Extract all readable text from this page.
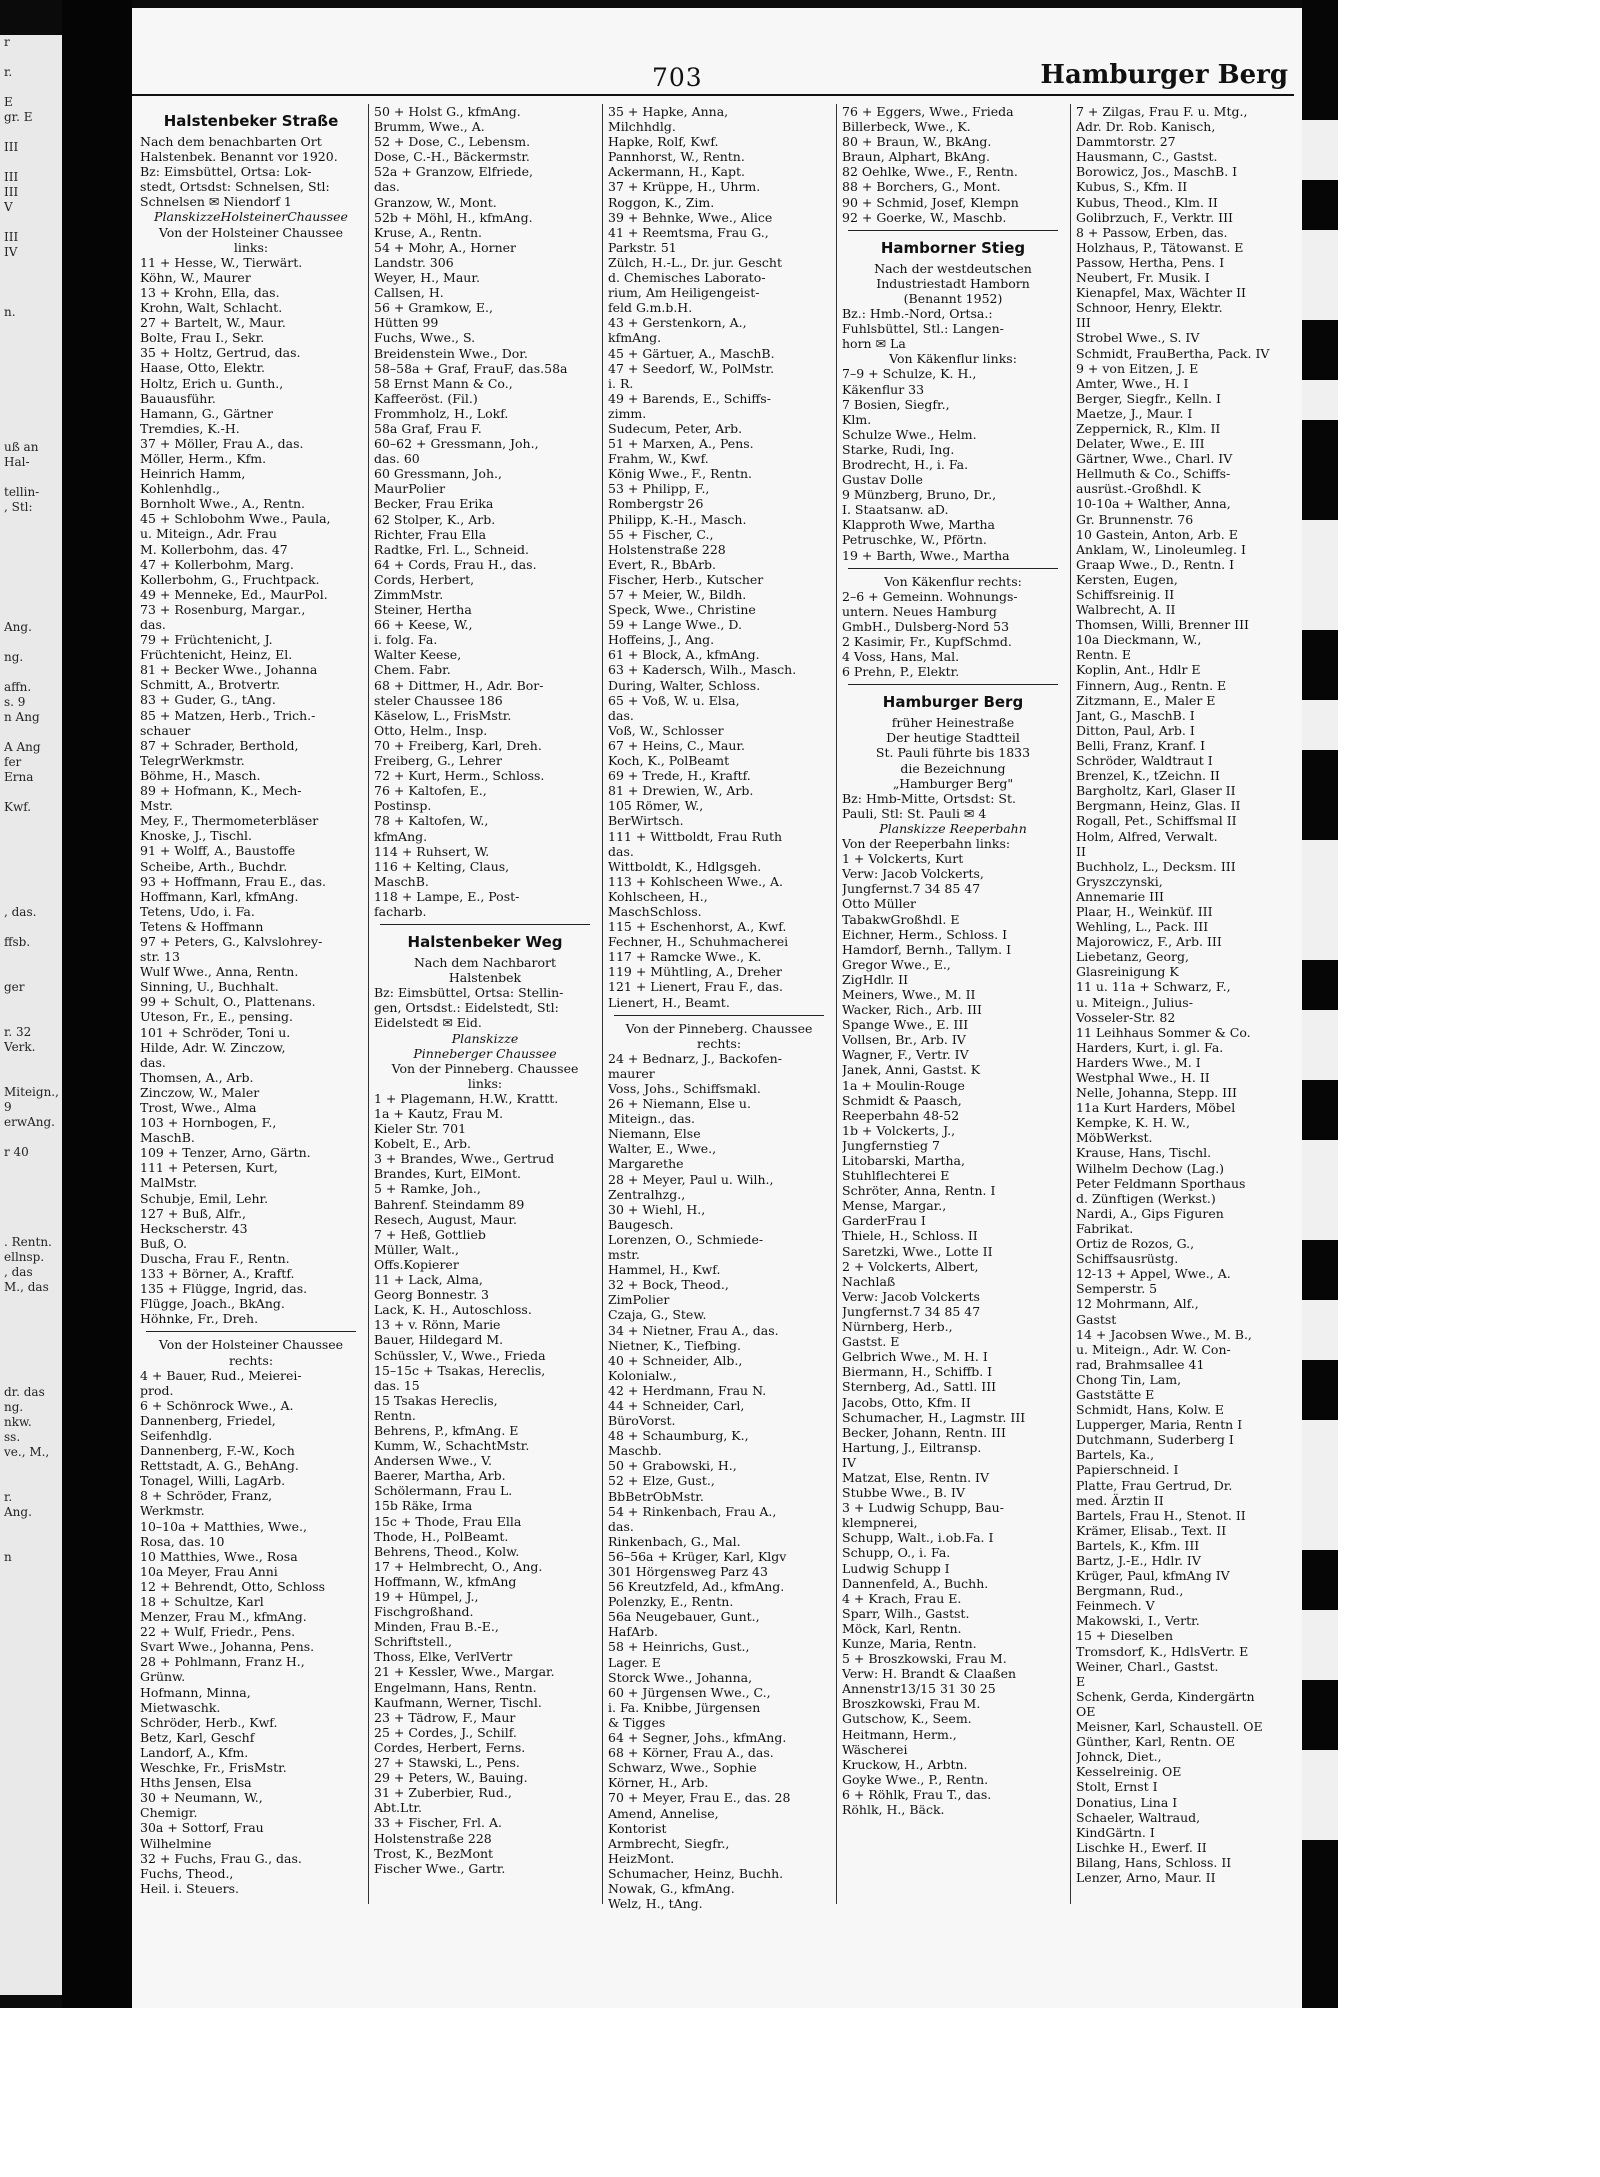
r

r.

E

gr. E

III

III

III

V

III

IV

n.

uß an

Hal-

tellin-

, Stl:

Ang.

ng.

affn.

s. 9

n Ang

A Ang

fer

Erna

Kwf.

, das.

ffsb.

ger

r. 32

Verk.

Miteign.,

9

erwAng.

r 40

. Rentn.

ellnsp.

, das

M., das

dr. das

ng.

nkw.

ss.

ve., M.,

r.

Ang.

n

703	Hamburger Berg
Halstenbeker Straße

Nach dem benachbarten Ort

Halstenbek. Benannt vor 1920.

Bz: Eimsbüttel, Ortsa: Lok-

stedt, Ortsdst: Schnelsen, Stl:

Schnelsen ✉ Niendorf 1

PlanskizzeHolsteinerChaussee

Von der Holsteiner Chaussee

links:

11 + Hesse, W., Tierwärt.

Köhn, W., Maurer

13 + Krohn, Ella, das.

Krohn, Walt, Schlacht.

27 + Bartelt, W., Maur.

Bolte, Frau I., Sekr.

35 + Holtz, Gertrud, das.

Haase, Otto, Elektr.

Holtz, Erich u. Gunth.,

Bauausführ.

Hamann, G., Gärtner

Tremdies, K.-H.

37 + Möller, Frau A., das.

Möller, Herm., Kfm.

Heinrich Hamm,

Kohlenhdlg.,

Bornholt Wwe., A., Rentn.

45 + Schlobohm Wwe., Paula,

u. Miteign., Adr. Frau

M. Kollerbohm, das. 47

47 + Kollerbohm, Marg.

Kollerbohm, G., Fruchtpack.

49 + Menneke, Ed., MaurPol.

73 + Rosenburg, Margar.,

das.

79 + Früchtenicht, J.

Früchtenicht, Heinz, El.

81 + Becker Wwe., Johanna

Schmitt, A., Brotvertr.

83 + Guder, G., tAng.

85 + Matzen, Herb., Trich.-

schauer

87 + Schrader, Berthold,

TelegrWerkmstr.

Böhme, H., Masch.

89 + Hofmann, K., Mech-

Mstr.

Mey, F., Thermometerbläser

Knoske, J., Tischl.

91 + Wolff, A., Baustoffe

Scheibe, Arth., Buchdr.

93 + Hoffmann, Frau E., das.

Hoffmann, Karl, kfmAng.

Tetens, Udo, i. Fa.

Tetens & Hoffmann

97 + Peters, G., Kalvslohrey-

str. 13

Wulf Wwe., Anna, Rentn.

Sinning, U., Buchhalt.

99 + Schult, O., Plattenans.

Uteson, Fr., E., pensing.

101 + Schröder, Toni u.

Hilde, Adr. W. Zinczow,

das.

Thomsen, A., Arb.

Zinczow, W., Maler

Trost, Wwe., Alma

103 + Hornbogen, F.,

MaschB.

109 + Tenzer, Arno, Gärtn.

111 + Petersen, Kurt,

MalMstr.

Schubje, Emil, Lehr.

127 + Buß, Alfr.,

Heckscherstr. 43

Buß, O.

Duscha, Frau F., Rentn.

133 + Börner, A., Kraftf.

135 + Flügge, Ingrid, das.

Flügge, Joach., BkAng.

Höhnke, Fr., Dreh.

Von der Holsteiner Chaussee

rechts:

4 + Bauer, Rud., Meierei-

prod.

6 + Schönrock Wwe., A.

Dannenberg, Friedel,

Seifenhdlg.

Dannenberg, F.-W., Koch

Rettstadt, A. G., BehAng.

Tonagel, Willi, LagArb.

8 + Schröder, Franz,

Werkmstr.

10–10a + Matthies, Wwe.,

Rosa, das. 10

10 Matthies, Wwe., Rosa

10a Meyer, Frau Anni

12 + Behrendt, Otto, Schloss

18 + Schultze, Karl

Menzer, Frau M., kfmAng.

22 + Wulf, Friedr., Pens.

Svart Wwe., Johanna, Pens.

28 + Pohlmann, Franz H.,

Grünw.

Hofmann, Minna,

Mietwaschk.

Schröder, Herb., Kwf.

Betz, Karl, Geschf

Landorf, A., Kfm.

Weschke, Fr., FrisMstr.

Hths Jensen, Elsa

30 + Neumann, W.,

Chemigr.

30a + Sottorf, Frau

Wilhelmine

32 + Fuchs, Frau G., das.

Fuchs, Theod.,

Heil. i. Steuers.

50 + Holst G., kfmAng.

Brumm, Wwe., A.

52 + Dose, C., Lebensm.

Dose, C.-H., Bäckermstr.

52a + Granzow, Elfriede,

das.

Granzow, W., Mont.

52b + Möhl, H., kfmAng.

Kruse, A., Rentn.

54 + Mohr, A., Horner

Landstr. 306

Weyer, H., Maur.

Callsen, H.

56 + Gramkow, E.,

Hütten 99

Fuchs, Wwe., S.

Breidenstein Wwe., Dor.

58–58a + Graf, FrauF, das.58a

58 Ernst Mann & Co.,

Kaffeeröst. (Fil.)

Frommholz, H., Lokf.

58a Graf, Frau F.

60–62 + Gressmann, Joh.,

das. 60

60 Gressmann, Joh.,

MaurPolier

Becker, Frau Erika

62 Stolper, K., Arb.

Richter, Frau Ella

Radtke, Frl. L., Schneid.

64 + Cords, Frau H., das.

Cords, Herbert,

ZimmMstr.

Steiner, Hertha

66 + Keese, W.,

i. folg. Fa.

Walter Keese,

Chem. Fabr.

68 + Dittmer, H., Adr. Bor-

steler Chaussee 186

Käselow, L., FrisMstr.

Otto, Helm., Insp.

70 + Freiberg, Karl, Dreh.

Freiberg, G., Lehrer

72 + Kurt, Herm., Schloss.

76 + Kaltofen, E.,

Postinsp.

78 + Kaltofen, W.,

kfmAng.

114 + Ruhsert, W.

116 + Kelting, Claus,

MaschB.

118 + Lampe, E., Post-

facharb.

Halstenbeker Weg

Nach dem Nachbarort

Halstenbek

Bz: Eimsbüttel, Ortsa: Stellin-

gen, Ortsdst.: Eidelstedt, Stl:

Eidelstedt ✉ Eid.

Planskizze

Pinneberger Chaussee

Von der Pinneberg. Chaussee

links:

1 + Plagemann, H.W., Krattt.

1a + Kautz, Frau M.

Kieler Str. 701

Kobelt, E., Arb.

3 + Brandes, Wwe., Gertrud

Brandes, Kurt, ElMont.

5 + Ramke, Joh.,

Bahrenf. Steindamm 89

Resech, August, Maur.

7 + Heß, Gottlieb

Müller, Walt.,

Offs.Kopierer

11 + Lack, Alma,

Georg Bonnestr. 3

Lack, K. H., Autoschloss.

13 + v. Rönn, Marie

Bauer, Hildegard M.

Schüssler, V., Wwe., Frieda

15–15c + Tsakas, Hereclis,

das. 15

15 Tsakas Hereclis,

Rentn.

Behrens, P., kfmAng. E

Kumm, W., SchachtMstr.

Andersen Wwe., V.

Baerer, Martha, Arb.

Schölermann, Frau L.

15b Räke, Irma

15c + Thode, Frau Ella

Thode, H., PolBeamt.

Behrens, Theod., Kolw.

17 + Helmbrecht, O., Ang.

Hoffmann, W., kfmAng

19 + Hümpel, J.,

Fischgroßhand.

Minden, Frau B.-E.,

Schriftstell.,

Thoss, Elke, VerlVertr

21 + Kessler, Wwe., Margar.

Engelmann, Hans, Rentn.

Kaufmann, Werner, Tischl.

23 + Tädrow, F., Maur

25 + Cordes, J., Schilf.

Cordes, Herbert, Ferns.

27 + Stawski, L., Pens.

29 + Peters, W., Bauing.

31 + Zuberbier, Rud.,

Abt.Ltr.

33 + Fischer, Frl. A.

Holstenstraße 228

Trost, K., BezMont

Fischer Wwe., Gartr.

35 + Hapke, Anna,

Milchhdlg.

Hapke, Rolf, Kwf.

Pannhorst, W., Rentn.

Ackermann, H., Kapt.

37 + Krüppe, H., Uhrm.

Roggon, K., Zim.

39 + Behnke, Wwe., Alice

41 + Reemtsma, Frau G.,

Parkstr. 51

Zülch, H.-L., Dr. jur. Gescht

d. Chemisches Laborato-

rium, Am Heiligengeist-

feld G.m.b.H.

43 + Gerstenkorn, A.,

kfmAng.

45 + Gärtuer, A., MaschB.

47 + Seedorf, W., PolMstr.

i. R.

49 + Barends, E., Schiffs-

zimm.

Sudecum, Peter, Arb.

51 + Marxen, A., Pens.

Frahm, W., Kwf.

König Wwe., F., Rentn.

53 + Philipp, F.,

Rombergstr 26

Philipp, K.-H., Masch.

55 + Fischer, C.,

Holstenstraße 228

Evert, R., BbArb.

Fischer, Herb., Kutscher

57 + Meier, W., Bildh.

Speck, Wwe., Christine

59 + Lange Wwe., D.

Hoffeins, J., Ang.

61 + Block, A., kfmAng.

63 + Kadersch, Wilh., Masch.

During, Walter, Schloss.

65 + Voß, W. u. Elsa,

das.

Voß, W., Schlosser

67 + Heins, C., Maur.

Koch, K., PolBeamt

69 + Trede, H., Kraftf.

81 + Drewien, W., Arb.

105 Römer, W.,

BerWirtsch.

111 + Wittboldt, Frau Ruth

das.

Wittboldt, K., Hdlgsgeh.

113 + Kohlscheen Wwe., A.

Kohlscheen, H.,

MaschSchloss.

115 + Eschenhorst, A., Kwf.

Fechner, H., Schuhmacherei

117 + Ramcke Wwe., K.

119 + Mühtling, A., Dreher

121 + Lienert, Frau F., das.

Lienert, H., Beamt.

Von der Pinneberg. Chaussee

rechts:

24 + Bednarz, J., Backofen-

maurer

Voss, Johs., Schiffsmakl.

26 + Niemann, Else u.

Miteign., das.

Niemann, Else

Walter, E., Wwe.,

Margarethe

28 + Meyer, Paul u. Wilh.,

Zentralhzg.,

30 + Wiehl, H.,

Baugesch.

Lorenzen, O., Schmiede-

mstr.

Hammel, H., Kwf.

32 + Bock, Theod.,

ZimPolier

Czaja, G., Stew.

34 + Nietner, Frau A., das.

Nietner, K., Tiefbing.

40 + Schneider, Alb.,

Kolonialw.,

42 + Herdmann, Frau N.

44 + Schneider, Carl,

BüroVorst.

48 + Schaumburg, K.,

Maschb.

50 + Grabowski, H.,

52 + Elze, Gust.,

BbBetrObMstr.

54 + Rinkenbach, Frau A.,

das.

Rinkenbach, G., Mal.

56–56a + Krüger, Karl, Klgv

301 Hörgensweg Parz 43

56 Kreutzfeld, Ad., kfmAng.

Polenzky, E., Rentn.

56a Neugebauer, Gunt.,

HafArb.

58 + Heinrichs, Gust.,

Lager. E

Storck Wwe., Johanna,

60 + Jürgensen Wwe., C.,

i. Fa. Knibbe, Jürgensen

& Tigges

64 + Segner, Johs., kfmAng.

68 + Körner, Frau A., das.

Schwarz, Wwe., Sophie

Körner, H., Arb.

70 + Meyer, Frau E., das. 28

Amend, Annelise,

Kontorist

Armbrecht, Siegfr.,

HeizMont.

Schumacher, Heinz, Buchh.

Nowak, G., kfmAng.

Welz, H., tAng.

76 + Eggers, Wwe., Frieda

Billerbeck, Wwe., K.

80 + Braun, W., BkAng.

Braun, Alphart, BkAng.

82 Oehlke, Wwe., F., Rentn.

88 + Borchers, G., Mont.

90 + Schmid, Josef, Klempn

92 + Goerke, W., Maschb.

Hamborner Stieg

Nach der westdeutschen

Industriestadt Hamborn

(Benannt 1952)

Bz.: Hmb.-Nord, Ortsa.:

Fuhlsbüttel, Stl.: Langen-

horn ✉ La

Von Käkenflur links:

7–9 + Schulze, K. H.,

Käkenflur 33

7 Bosien, Siegfr.,

Klm.

Schulze Wwe., Helm.

Starke, Rudi, Ing.

Brodrecht, H., i. Fa.

Gustav Dolle

9 Münzberg, Bruno, Dr.,

I. Staatsanw. aD.

Klapproth Wwe, Martha

Petruschke, W., Pförtn.

19 + Barth, Wwe., Martha

Von Käkenflur rechts:

2–6 + Gemeinn. Wohnungs-

untern. Neues Hamburg

GmbH., Dulsberg-Nord 53

2 Kasimir, Fr., KupfSchmd.

4 Voss, Hans, Mal.

6 Prehn, P., Elektr.

Hamburger Berg

früher Heinestraße

Der heutige Stadtteil

St. Pauli führte bis 1833

die Bezeichnung

„Hamburger Berg"

Bz: Hmb-Mitte, Ortsdst: St.

Pauli, Stl: St. Pauli ✉ 4

Planskizze Reeperbahn

Von der Reeperbahn links:

1 + Volckerts, Kurt

Verw: Jacob Volckerts,

Jungfernst.7 34 85 47

Otto Müller

TabakwGroßhdl. E

Eichner, Herm., Schloss. I

Hamdorf, Bernh., Tallym. I

Gregor Wwe., E.,

ZigHdlr. II

Meiners, Wwe., M. II

Wacker, Rich., Arb. III

Spange Wwe., E. III

Vollsen, Br., Arb. IV

Wagner, F., Vertr. IV

Janek, Anni, Gastst. K

1a + Moulin-Rouge

Schmidt & Paasch,

Reeperbahn 48-52

1b + Volckerts, J.,

Jungfernstieg 7

Litobarski, Martha,

Stuhlflechterei E

Schröter, Anna, Rentn. I

Mense, Margar.,

GarderFrau I

Thiele, H., Schloss. II

Saretzki, Wwe., Lotte II

2 + Volckerts, Albert,

Nachlaß

Verw: Jacob Volckerts

Jungfernst.7 34 85 47

Nürnberg, Herb.,

Gastst. E

Gelbrich Wwe., M. H. I

Biermann, H., Schiffb. I

Sternberg, Ad., Sattl. III

Jacobs, Otto, Kfm. II

Schumacher, H., Lagmstr. III

Becker, Johann, Rentn. III

Hartung, J., Eiltransp.

IV

Matzat, Else, Rentn. IV

Stubbe Wwe., B. IV

3 + Ludwig Schupp, Bau-

klempnerei,

Schupp, Walt., i.ob.Fa. I

Schupp, O., i. Fa.

Ludwig Schupp I

Dannenfeld, A., Buchh.

4 + Krach, Frau E.

Sparr, Wilh., Gastst.

Möck, Karl, Rentn.

Kunze, Maria, Rentn.

5 + Broszkowski, Frau M.

Verw: H. Brandt & Claaßen

Annenstr13/15 31 30 25

Broszkowski, Frau M.

Gutschow, K., Seem.

Heitmann, Herm.,

Wäscherei

Kruckow, H., Arbtn.

Goyke Wwe., P., Rentn.

6 + Röhlk, Frau T., das.

Röhlk, H., Bäck.

7 + Zilgas, Frau F. u. Mtg.,

Adr. Dr. Rob. Kanisch,

Dammtorstr. 27

Hausmann, C., Gastst.

Borowicz, Jos., MaschB. I

Kubus, S., Kfm. II

Kubus, Theod., Klm. II

Golibrzuch, F., Verktr. III

8 + Passow, Erben, das.

Holzhaus, P., Tätowanst. E

Passow, Hertha, Pens. I

Neubert, Fr. Musik. I

Kienapfel, Max, Wächter II

Schnoor, Henry, Elektr.

III

Strobel Wwe., S. IV

Schmidt, FrauBertha, Pack. IV

9 + von Eitzen, J. E

Amter, Wwe., H. I

Berger, Siegfr., Kelln. I

Maetze, J., Maur. I

Zeppernick, R., Klm. II

Delater, Wwe., E. III

Gärtner, Wwe., Charl. IV

Hellmuth & Co., Schiffs-

ausrüst.-Großhdl. K

10-10a + Walther, Anna,

Gr. Brunnenstr. 76

10 Gastein, Anton, Arb. E

Anklam, W., Linoleumleg. I

Graap Wwe., D., Rentn. I

Kersten, Eugen,

Schiffsreinig. II

Walbrecht, A. II

Thomsen, Willi, Brenner III

10a Dieckmann, W.,

Rentn. E

Koplin, Ant., Hdlr E

Finnern, Aug., Rentn. E

Zitzmann, E., Maler E

Jant, G., MaschB. I

Ditton, Paul, Arb. I

Belli, Franz, Kranf. I

Schröder, Waldtraut I

Brenzel, K., tZeichn. II

Bargholtz, Karl, Glaser II

Bergmann, Heinz, Glas. II

Rogall, Pet., Schiffsmal II

Holm, Alfred, Verwalt.

II

Buchholz, L., Decksm. III

Gryszczynski,

Annemarie III

Plaar, H., Weinküf. III

Wehling, L., Pack. III

Majorowicz, F., Arb. III

Liebetanz, Georg,

Glasreinigung K

11 u. 11a + Schwarz, F.,

u. Miteign., Julius-

Vosseler-Str. 82

11 Leihhaus Sommer & Co.

Harders, Kurt, i. gl. Fa.

Harders Wwe., M. I

Westphal Wwe., H. II

Nelle, Johanna, Stepp. III

11a Kurt Harders, Möbel

Kempke, K. H. W.,

MöbWerkst.

Krause, Hans, Tischl.

Wilhelm Dechow (Lag.)

Peter Feldmann Sporthaus

d. Zünftigen (Werkst.)

Nardi, A., Gips Figuren

Fabrikat.

Ortiz de Rozos, G.,

Schiffsausrüstg.

12-13 + Appel, Wwe., A.

Semperstr. 5

12 Mohrmann, Alf.,

Gastst

14 + Jacobsen Wwe., M. B.,

u. Miteign., Adr. W. Con-

rad, Brahmsallee 41

Chong Tin, Lam,

Gaststätte E

Schmidt, Hans, Kolw. E

Lupperger, Maria, Rentn I

Dutchmann, Suderberg I

Bartels, Ka.,

Papierschneid. I

Platte, Frau Gertrud, Dr.

med. Ärztin II

Bartels, Frau H., Stenot. II

Krämer, Elisab., Text. II

Bartels, K., Kfm. III

Bartz, J.-E., Hdlr. IV

Krüger, Paul, kfmAng IV

Bergmann, Rud.,

Feinmech. V

Makowski, I., Vertr.

15 + Dieselben

Tromsdorf, K., HdlsVertr. E

Weiner, Charl., Gastst.

E

Schenk, Gerda, Kindergärtn

OE

Meisner, Karl, Schaustell. OE

Günther, Karl, Rentn. OE

Johnck, Diet.,

Kesselreinig. OE

Stolt, Ernst I

Donatius, Lina I

Schaeler, Waltraud,

KindGärtn. I

Lischke H., Ewerf. II

Bilang, Hans, Schloss. II

Lenzer, Arno, Maur. II
